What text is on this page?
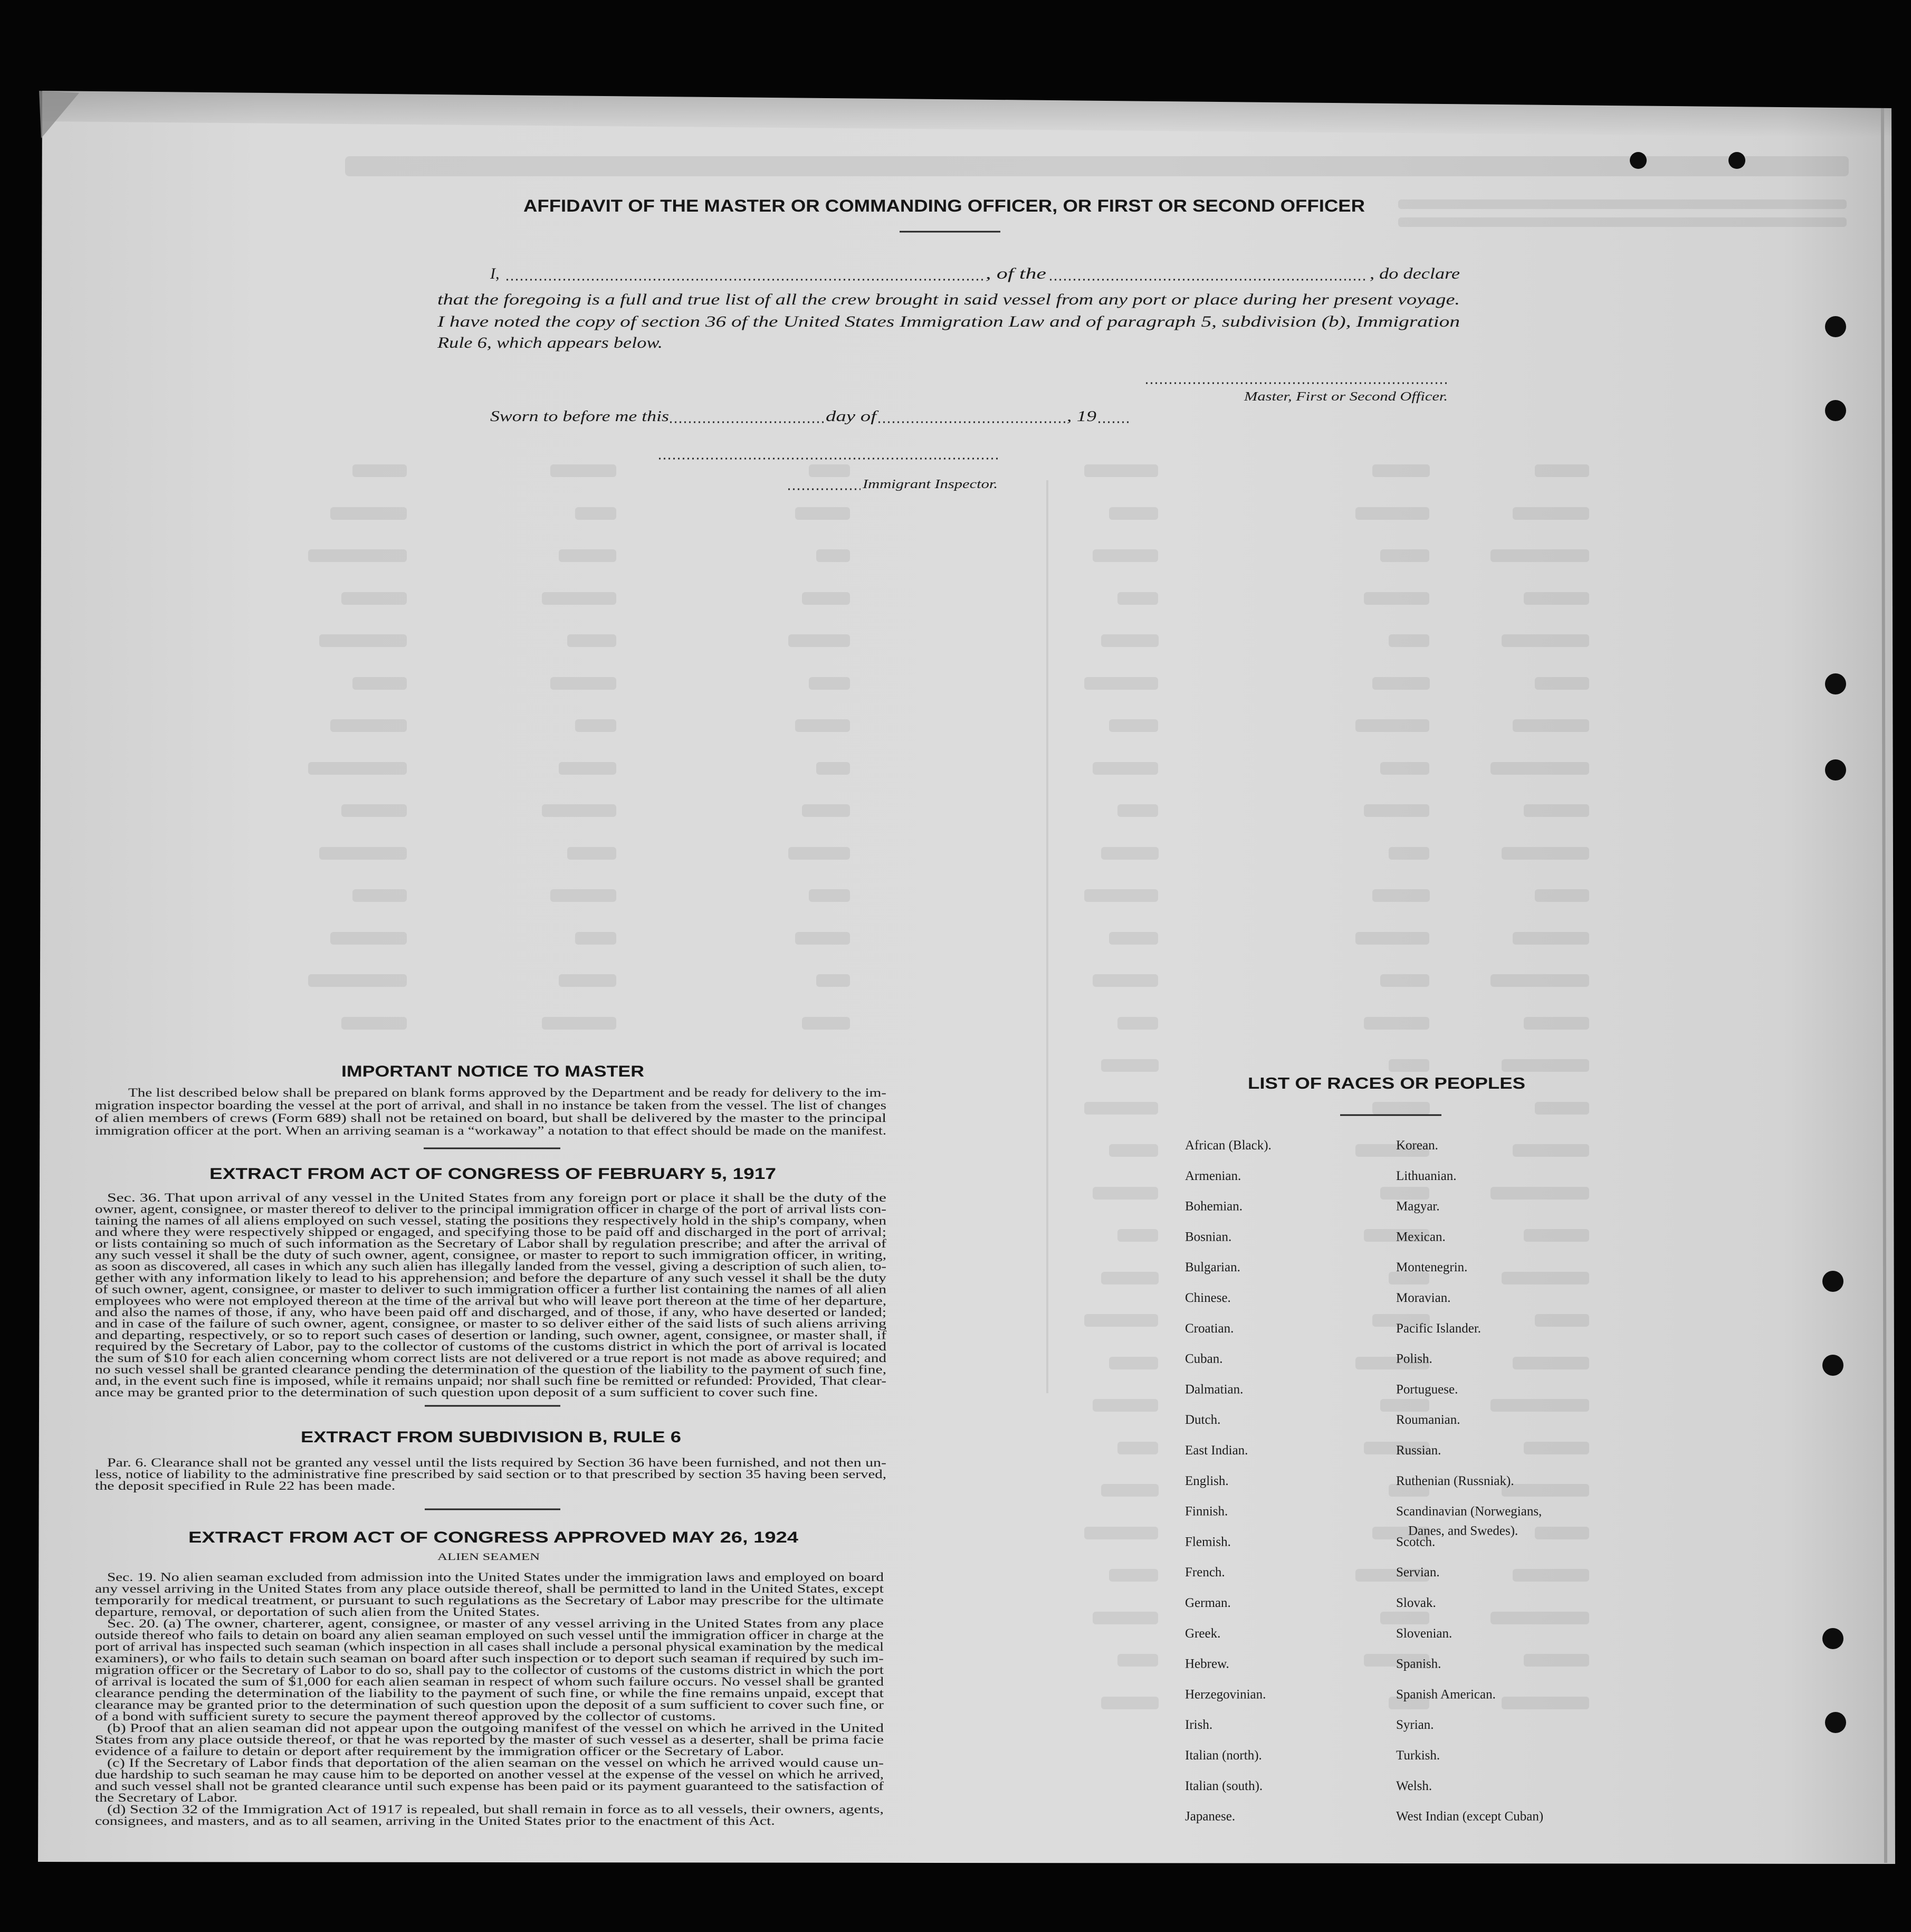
AFFIDAVIT OF THE MASTER OR COMMANDING OFFICER, OR FIRST OR SECOND OFFICER
I,	, of the	, do declare
that the foregoing is a full and true list of all the crew brought in said vessel from any port or place during her present voyage.
I have noted the copy of section 36 of the United States Immigration Law and of paragraph 5, subdivision (b), Immigration
Rule 6, which appears below.
Master, First or Second Officer.
Sworn to before me this	day of	, 19
Immigrant Inspector.
IMPORTANT NOTICE TO MASTER
The list described below shall be prepared on blank forms approved by the Department and be ready for delivery to the im-
migration inspector boarding the vessel at the port of arrival, and shall in no instance be taken from the vessel. The list of changes
of alien members of crews (Form 689) shall not be retained on board, but shall be delivered by the master to the principal
immigration officer at the port. When an arriving seaman is a “workaway” a notation to that effect should be made on the manifest.
EXTRACT FROM ACT OF CONGRESS OF FEBRUARY 5, 1917
Sec. 36. That upon arrival of any vessel in the United States from any foreign port or place it shall be the duty of the
owner, agent, consignee, or master thereof to deliver to the principal immigration officer in charge of the port of arrival lists con-
taining the names of all aliens employed on such vessel, stating the positions they respectively hold in the ship's company, when
and where they were respectively shipped or engaged, and specifying those to be paid off and discharged in the port of arrival;
or lists containing so much of such information as the Secretary of Labor shall by regulation prescribe; and after the arrival of
any such vessel it shall be the duty of such owner, agent, consignee, or master to report to such immigration officer, in writing,
as soon as discovered, all cases in which any such alien has illegally landed from the vessel, giving a description of such alien, to-
gether with any information likely to lead to his apprehension; and before the departure of any such vessel it shall be the duty
of such owner, agent, consignee, or master to deliver to such immigration officer a further list containing the names of all alien
employees who were not employed thereon at the time of the arrival but who will leave port thereon at the time of her departure,
and also the names of those, if any, who have been paid off and discharged, and of those, if any, who have deserted or landed;
and in case of the failure of such owner, agent, consignee, or master to so deliver either of the said lists of such aliens arriving
and departing, respectively, or so to report such cases of desertion or landing, such owner, agent, consignee, or master shall, if
required by the Secretary of Labor, pay to the collector of customs of the customs district in which the port of arrival is located
the sum of $10 for each alien concerning whom correct lists are not delivered or a true report is not made as above required; and
no such vessel shall be granted clearance pending the determination of the question of the liability to the payment of such fine,
and, in the event such fine is imposed, while it remains unpaid; nor shall such fine be remitted or refunded: Provided, That clear-
ance may be granted prior to the determination of such question upon deposit of a sum sufficient to cover such fine.
EXTRACT FROM SUBDIVISION B, RULE 6
Par. 6. Clearance shall not be granted any vessel until the lists required by Section 36 have been furnished, and not then un-
less, notice of liability to the administrative fine prescribed by said section or to that prescribed by section 35 having been served,
the deposit specified in Rule 22 has been made.
EXTRACT FROM ACT OF CONGRESS APPROVED MAY 26, 1924
ALIEN SEAMEN
Sec. 19. No alien seaman excluded from admission into the United States under the immigration laws and employed on board
any vessel arriving in the United States from any place outside thereof, shall be permitted to land in the United States, except
temporarily for medical treatment, or pursuant to such regulations as the Secretary of Labor may prescribe for the ultimate
departure, removal, or deportation of such alien from the United States.
Sec. 20. (a) The owner, charterer, agent, consignee, or master of any vessel arriving in the United States from any place
outside thereof who fails to detain on board any alien seaman employed on such vessel until the immigration officer in charge at the
port of arrival has inspected such seaman (which inspection in all cases shall include a personal physical examination by the medical
examiners), or who fails to detain such seaman on board after such inspection or to deport such seaman if required by such im-
migration officer or the Secretary of Labor to do so, shall pay to the collector of customs of the customs district in which the port
of arrival is located the sum of $1,000 for each alien seaman in respect of whom such failure occurs. No vessel shall be granted
clearance pending the determination of the liability to the payment of such fine, or while the fine remains unpaid, except that
clearance may be granted prior to the determination of such question upon the deposit of a sum sufficient to cover such fine, or
of a bond with sufficient surety to secure the payment thereof approved by the collector of customs.
(b) Proof that an alien seaman did not appear upon the outgoing manifest of the vessel on which he arrived in the United
States from any place outside thereof, or that he was reported by the master of such vessel as a deserter, shall be prima facie
evidence of a failure to detain or deport after requirement by the immigration officer or the Secretary of Labor.
(c) If the Secretary of Labor finds that deportation of the alien seaman on the vessel on which he arrived would cause un-
due hardship to such seaman he may cause him to be deported on another vessel at the expense of the vessel on which he arrived,
and such vessel shall not be granted clearance until such expense has been paid or its payment guaranteed to the satisfaction of
the Secretary of Labor.
(d) Section 32 of the Immigration Act of 1917 is repealed, but shall remain in force as to all vessels, their owners, agents,
consignees, and masters, and as to all seamen, arriving in the United States prior to the enactment of this Act.
LIST OF RACES OR PEOPLES
African (Black).
Armenian.
Bohemian.
Bosnian.
Bulgarian.
Chinese.
Croatian.
Cuban.
Dalmatian.
Dutch.
East Indian.
English.
Finnish.
Flemish.
French.
German.
Greek.
Hebrew.
Herzegovinian.
Irish.
Italian (north).
Italian (south).
Japanese.
Korean.
Lithuanian.
Magyar.
Mexican.
Montenegrin.
Moravian.
Pacific Islander.
Polish.
Portuguese.
Roumanian.
Russian.
Ruthenian (Russniak).
Scandinavian (Norwegians,
Danes, and Swedes).
Scotch.
Servian.
Slovak.
Slovenian.
Spanish.
Spanish American.
Syrian.
Turkish.
Welsh.
West Indian (except Cuban)
